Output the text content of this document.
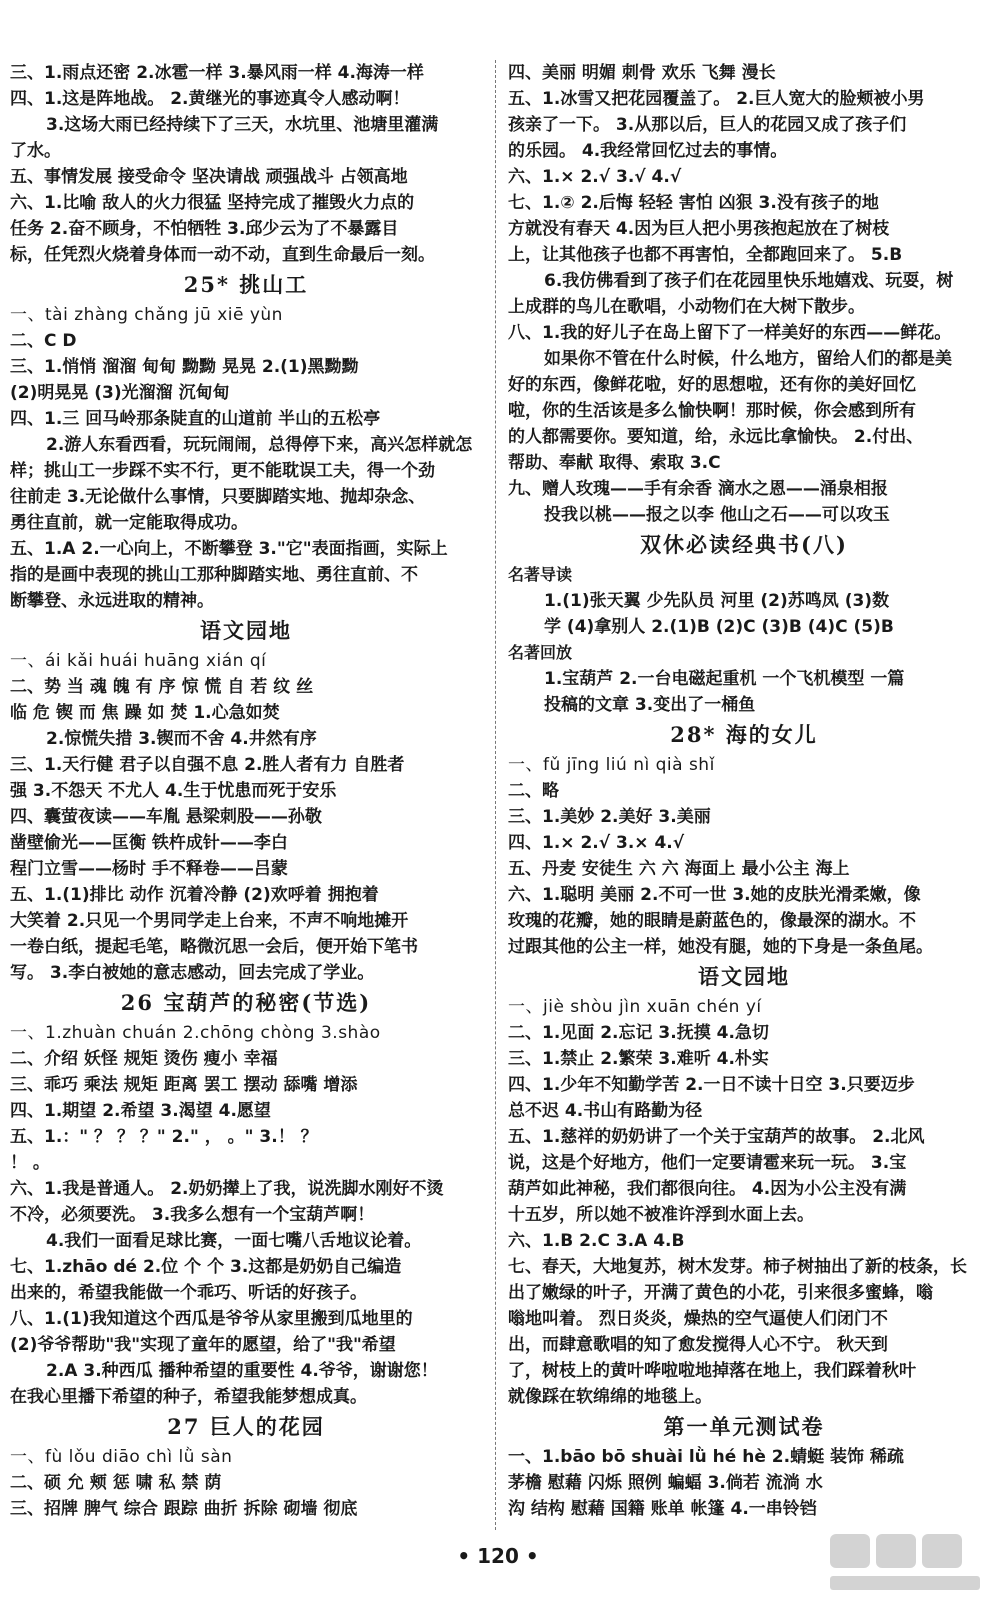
三、1.雨点还密 2.冰雹一样 3.暴风雨一样 4.海涛一样
四、1.这是阵地战。 2.黄继光的事迹真令人感动啊！
3.这场大雨已经持续下了三天，水坑里、池塘里灌满
了水。
五、事情发展 接受命令 坚决请战 顽强战斗 占领高地
六、1.比喻 敌人的火力很猛 坚持完成了摧毁火力点的
任务 2.奋不顾身，不怕牺牲 3.邱少云为了不暴露目
标，任凭烈火烧着身体而一动不动，直到生命最后一刻。
25* 挑山工
一、tài zhàng chǎng jū xiē yùn
二、C D
三、1.悄悄 溜溜 甸甸 黝黝 晃晃 2.(1)黑黝黝
(2)明晃晃 (3)光溜溜 沉甸甸
四、1.三 回马岭那条陡直的山道前 半山的五松亭
2.游人东看西看，玩玩闹闹，总得停下来，高兴怎样就怎
样；挑山工一步踩不实不行，更不能耽误工夫，得一个劲
往前走 3.无论做什么事情，只要脚踏实地、抛却杂念、
勇往直前，就一定能取得成功。
五、1.A 2.一心向上，不断攀登 3."它"表面指画，实际上
指的是画中表现的挑山工那种脚踏实地、勇往直前、不
断攀登、永远进取的精神。
语文园地
一、ái kǎi huái huāng xián qí
二、势 当 魂 魄 有 序 惊 慌 自 若 纹 丝
临 危 锲 而 焦 躁 如 焚 1.心急如焚
2.惊慌失措 3.锲而不舍 4.井然有序
三、1.天行健 君子以自强不息 2.胜人者有力 自胜者
强 3.不怨天 不尤人 4.生于忧患而死于安乐
四、囊萤夜读——车胤 悬梁刺股——孙敬
凿壁偷光——匡衡 铁杵成针——李白
程门立雪——杨时 手不释卷——吕蒙
五、1.(1)排比 动作 沉着冷静 (2)欢呼着 拥抱着
大笑着 2.只见一个男同学走上台来，不声不响地摊开
一卷白纸，提起毛笔，略微沉思一会后，便开始下笔书
写。 3.李白被她的意志感动，回去完成了学业。
26 宝葫芦的秘密(节选)
一、1.zhuàn chuán 2.chōng chòng 3.shào
二、介绍 妖怪 规矩 烫伤 瘦小 幸福
三、乖巧 乘法 规矩 距离 罢工 摆动 舔嘴 增添
四、1.期望 2.希望 3.渴望 4.愿望
五、1.：" ？ ？ ？" 2." ， 。" 3.！ ？
！ 。
六、1.我是普通人。 2.奶奶撵上了我，说洗脚水刚好不烫
不冷，必须要洗。 3.我多么想有一个宝葫芦啊！
4.我们一面看足球比赛，一面七嘴八舌地议论着。
七、1.zhāo dé 2.位 个 个 3.这都是奶奶自己编造
出来的，希望我能做一个乖巧、听话的好孩子。
八、1.(1)我知道这个西瓜是爷爷从家里搬到瓜地里的
(2)爷爷帮助"我"实现了童年的愿望，给了"我"希望
2.A 3.种西瓜 播种希望的重要性 4.爷爷，谢谢您！
在我心里播下希望的种子，希望我能梦想成真。
27 巨人的花园
一、fù lǒu diāo chì lǜ sàn
二、硕 允 颊 惩 啸 私 禁 荫
三、招牌 脾气 综合 跟踪 曲折 拆除 砌墙 彻底
四、美丽 明媚 刺骨 欢乐 飞舞 漫长
五、1.冰雪又把花园覆盖了。 2.巨人宽大的脸颊被小男
孩亲了一下。 3.从那以后，巨人的花园又成了孩子们
的乐园。 4.我经常回忆过去的事情。
六、1.× 2.√ 3.√ 4.√
七、1.② 2.后悔 轻轻 害怕 凶狠 3.没有孩子的地
方就没有春天 4.因为巨人把小男孩抱起放在了树枝
上，让其他孩子也都不再害怕，全都跑回来了。 5.B
6.我仿佛看到了孩子们在花园里快乐地嬉戏、玩耍，树
上成群的鸟儿在歌唱，小动物们在大树下散步。
八、1.我的好儿子在岛上留下了一样美好的东西——鲜花。
如果你不管在什么时候，什么地方，留给人们的都是美
好的东西，像鲜花啦，好的思想啦，还有你的美好回忆
啦，你的生活该是多么愉快啊！那时候，你会感到所有
的人都需要你。要知道，给，永远比拿愉快。 2.付出、
帮助、奉献 取得、索取 3.C
九、赠人玫瑰——手有余香 滴水之恩——涌泉相报
投我以桃——报之以李 他山之石——可以攻玉
双休必读经典书(八)
名著导读
1.(1)张天翼 少先队员 河里 (2)苏鸣凤 (3)数
学 (4)拿别人 2.(1)B (2)C (3)B (4)C (5)B
名著回放
1.宝葫芦 2.一台电磁起重机 一个飞机模型 一篇
投稿的文章 3.变出了一桶鱼
28* 海的女儿
一、fǔ jīng liú nì qià shǐ
二、略
三、1.美妙 2.美好 3.美丽
四、1.× 2.√ 3.× 4.√
五、丹麦 安徒生 六 六 海面上 最小公主 海上
六、1.聪明 美丽 2.不可一世 3.她的皮肤光滑柔嫩，像
玫瑰的花瓣，她的眼睛是蔚蓝色的，像最深的湖水。不
过跟其他的公主一样，她没有腿，她的下身是一条鱼尾。
语文园地
一、jiè shòu jìn xuān chén yí
二、1.见面 2.忘记 3.抚摸 4.急切
三、1.禁止 2.繁荣 3.难听 4.朴实
四、1.少年不知勤学苦 2.一日不读十日空 3.只要迈步
总不迟 4.书山有路勤为径
五、1.慈祥的奶奶讲了一个关于宝葫芦的故事。 2.北风
说，这是个好地方，他们一定要请雹来玩一玩。 3.宝
葫芦如此神秘，我们都很向往。 4.因为小公主没有满
十五岁，所以她不被准许浮到水面上去。
六、1.B 2.C 3.A 4.B
七、春天，大地复苏，树木发芽。柿子树抽出了新的枝条，长
出了嫩绿的叶子，开满了黄色的小花，引来很多蜜蜂，嗡
嗡地叫着。 烈日炎炎，燥热的空气逼使人们闭门不
出，而肆意歌唱的知了愈发搅得人心不宁。 秋天到
了，树枝上的黄叶哗啦啦地掉落在地上，我们踩着秋叶
就像踩在软绵绵的地毯上。
第一单元测试卷
一、1.bāo bō shuài lǜ hé hè 2.蜻蜓 装饰 稀疏
茅檐 慰藉 闪烁 照例 蝙蝠 3.倘若 流淌 水
沟 结构 慰藉 国籍 账单 帐篷 4.一串铃铛
• 120 •
